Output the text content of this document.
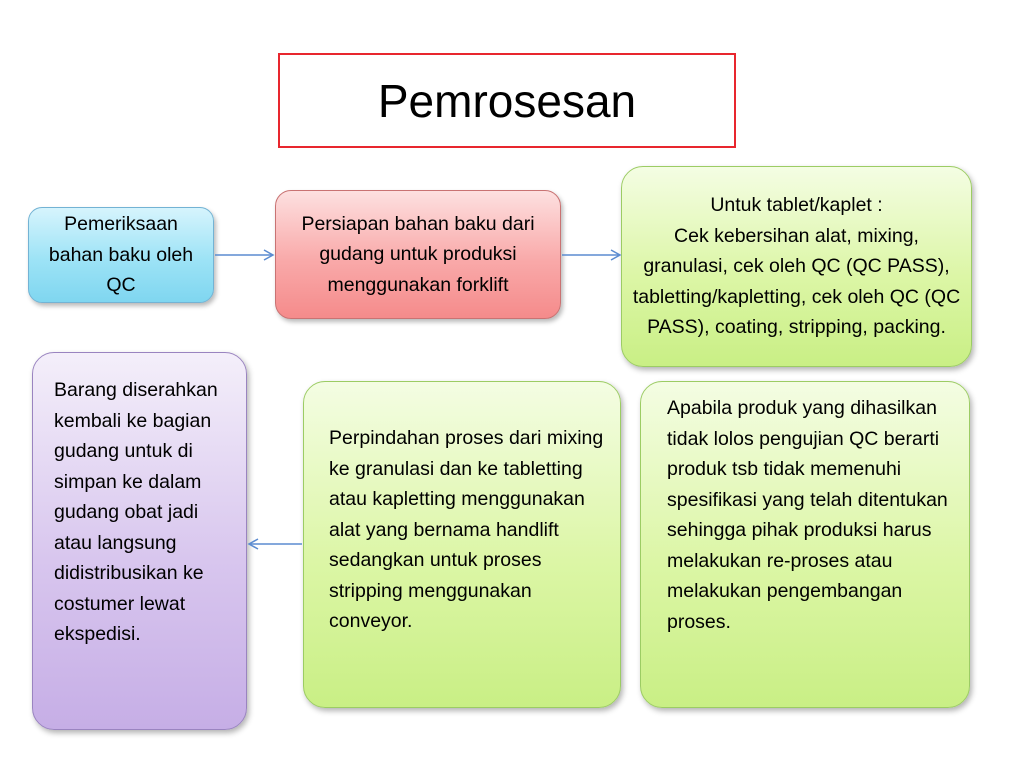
Pemrosesan
Pemeriksaan bahan baku oleh QC
Persiapan bahan baku dari gudang untuk produksi menggunakan forklift
Untuk tablet/kaplet :
Cek kebersihan alat, mixing, granulasi, cek oleh QC (QC PASS), tabletting/kapletting, cek oleh QC (QC PASS), coating, stripping, packing.
Barang diserahkan kembali ke bagian gudang untuk di simpan ke dalam gudang obat jadi atau langsung didistribusikan ke costumer lewat ekspedisi.
Perpindahan proses dari mixing ke granulasi dan ke tabletting atau kapletting menggunakan alat yang bernama handlift sedangkan untuk proses stripping menggunakan conveyor.
Apabila produk yang dihasilkan tidak lolos pengujian QC berarti produk tsb tidak memenuhi spesifikasi yang telah ditentukan sehingga pihak produksi harus melakukan re-proses atau melakukan pengembangan proses.
